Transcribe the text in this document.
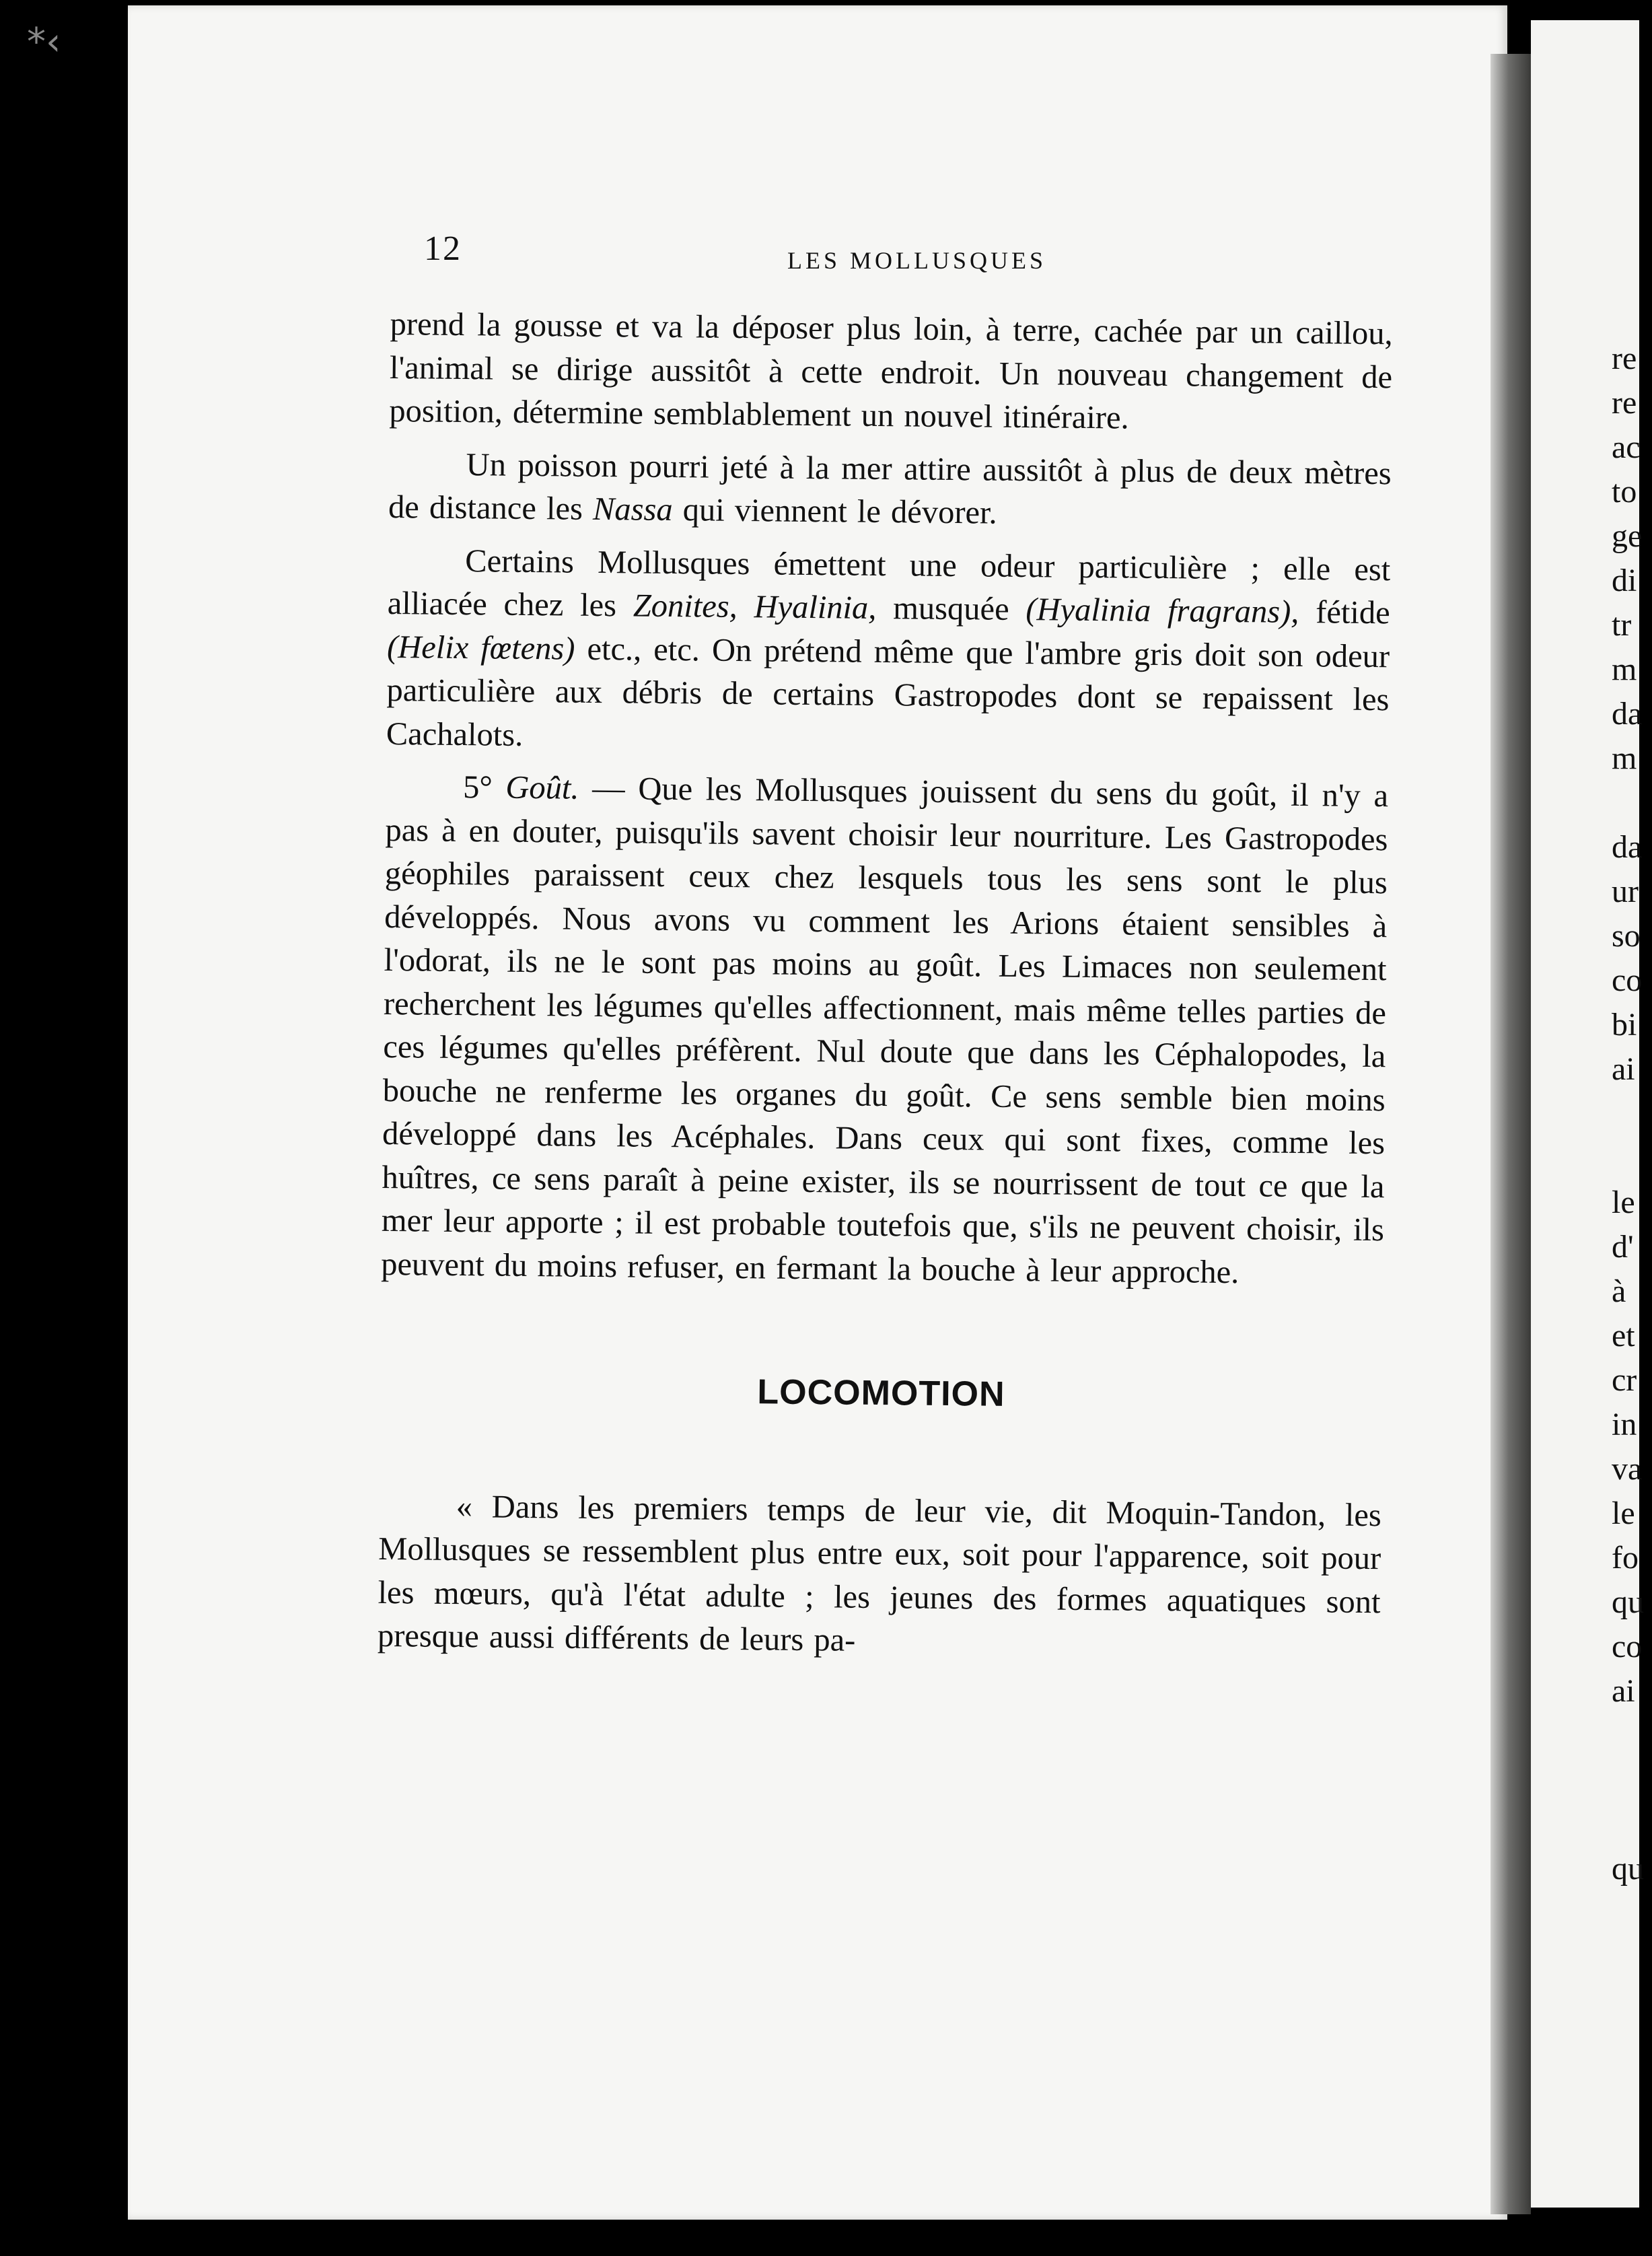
*‹
re
re
ac
to
ge
di
tr
m
da
m
da
ur
so
co
bi
ai
le
d'
à
et
cr
in
va
le
fo
qu
co
ai
qu
12	LES MOLLUSQUES

prend la gousse et va la déposer plus loin, à terre, cachée par un caillou, l'animal se dirige aussitôt à cette endroit. Un nouveau changement de position, détermine semblablement un nouvel itinéraire.

Un poisson pourri jeté à la mer attire aussitôt à plus de deux mètres de distance les Nassa qui viennent le dévorer.

Certains Mollusques émettent une odeur particulière ; elle est alliacée chez les Zonites, Hyalinia, musquée (Hyalinia fragrans), fétide (Helix fœtens) etc., etc. On prétend même que l'ambre gris doit son odeur particulière aux débris de certains Gastropodes dont se repaissent les Cachalots.

5° Goût. — Que les Mollusques jouissent du sens du goût, il n'y a pas à en douter, puisqu'ils savent choisir leur nourriture. Les Gastropodes géophiles paraissent ceux chez lesquels tous les sens sont le plus développés. Nous avons vu comment les Arions étaient sensibles à l'odorat, ils ne le sont pas moins au goût. Les Limaces non seulement recherchent les légumes qu'elles affectionnent, mais même telles parties de ces légumes qu'elles préfèrent. Nul doute que dans les Céphalopodes, la bouche ne renferme les organes du goût. Ce sens semble bien moins développé dans les Acéphales. Dans ceux qui sont fixes, comme les huîtres, ce sens paraît à peine exister, ils se nourrissent de tout ce que la mer leur apporte ; il est probable toutefois que, s'ils ne peuvent choisir, ils peuvent du moins refuser, en fermant la bouche à leur approche.

LOCOMOTION

« Dans les premiers temps de leur vie, dit Moquin-Tandon, les Mollusques se ressemblent plus entre eux, soit pour l'apparence, soit pour les mœurs, qu'à l'état adulte ; les jeunes des formes aquatiques sont presque aussi différents de leurs pa-
